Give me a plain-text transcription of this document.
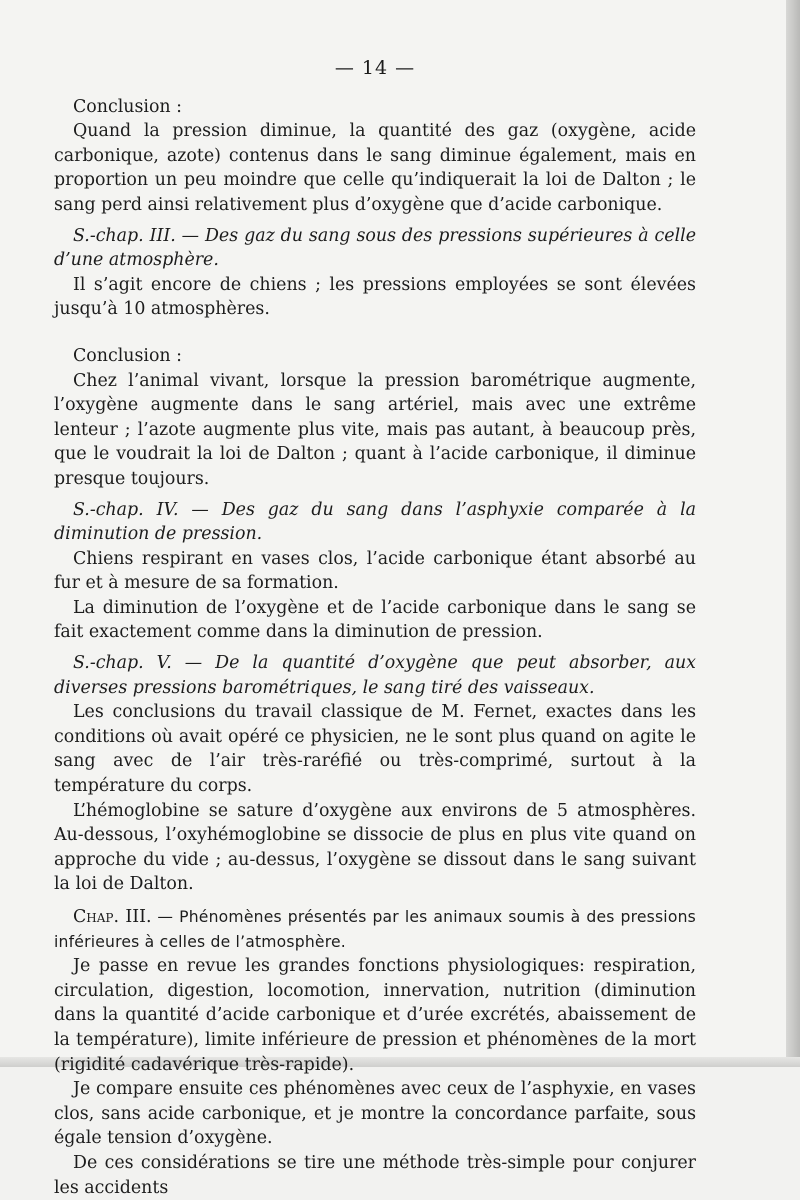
— 14 —

Conclusion :

Quand la pression diminue, la quantité des gaz (oxygène, acide carbonique, azote) contenus dans le sang diminue également, mais en proportion un peu moindre que celle qu’indiquerait la loi de Dalton ; le sang perd ainsi relativement plus d’oxygène que d’acide carbonique.

S.-chap. III. — Des gaz du sang sous des pressions supérieures à celle d’une atmosphère.

Il s’agit encore de chiens ; les pressions employées se sont élevées jusqu’à 10 atmosphères.

Conclusion :

Chez l’animal vivant, lorsque la pression barométrique augmente, l’oxygène augmente dans le sang artériel, mais avec une extrême lenteur ; l’azote augmente plus vite, mais pas autant, à beaucoup près, que le voudrait la loi de Dalton ; quant à l’acide carbonique, il diminue presque toujours.

S.-chap. IV. — Des gaz du sang dans l’asphyxie comparée à la diminution de pression.

Chiens respirant en vases clos, l’acide carbonique étant absorbé au fur et à mesure de sa formation.

La diminution de l’oxygène et de l’acide carbonique dans le sang se fait exactement comme dans la diminution de pression.

S.-chap. V. — De la quantité d’oxygène que peut absorber, aux diverses pressions barométriques, le sang tiré des vaisseaux.

Les conclusions du travail classique de M. Fernet, exactes dans les conditions où avait opéré ce physicien, ne le sont plus quand on agite le sang avec de l’air très-raréfié ou très-comprimé, surtout à la température du corps.

L’hémoglobine se sature d’oxygène aux environs de 5 atmosphères. Au-dessous, l’oxyhémoglobine se dissocie de plus en plus vite quand on approche du vide ; au-dessus, l’oxygène se dissout dans le sang suivant la loi de Dalton.

Chap. III. — Phénomènes présentés par les animaux soumis à des pressions inférieures à celles de l’atmosphère.

Je passe en revue les grandes fonctions physiologiques: respiration, circulation, digestion, locomotion, innervation, nutrition (diminution dans la quantité d’acide carbonique et d’urée excrétés, abaissement de la température), limite inférieure de pression et phénomènes de la mort (rigidité cadavérique très-rapide).

Je compare ensuite ces phénomènes avec ceux de l’asphyxie, en vases clos, sans acide carbonique, et je montre la concordance parfaite, sous égale tension d’oxygène.

De ces considérations se tire une méthode très-simple pour conjurer les accidents
